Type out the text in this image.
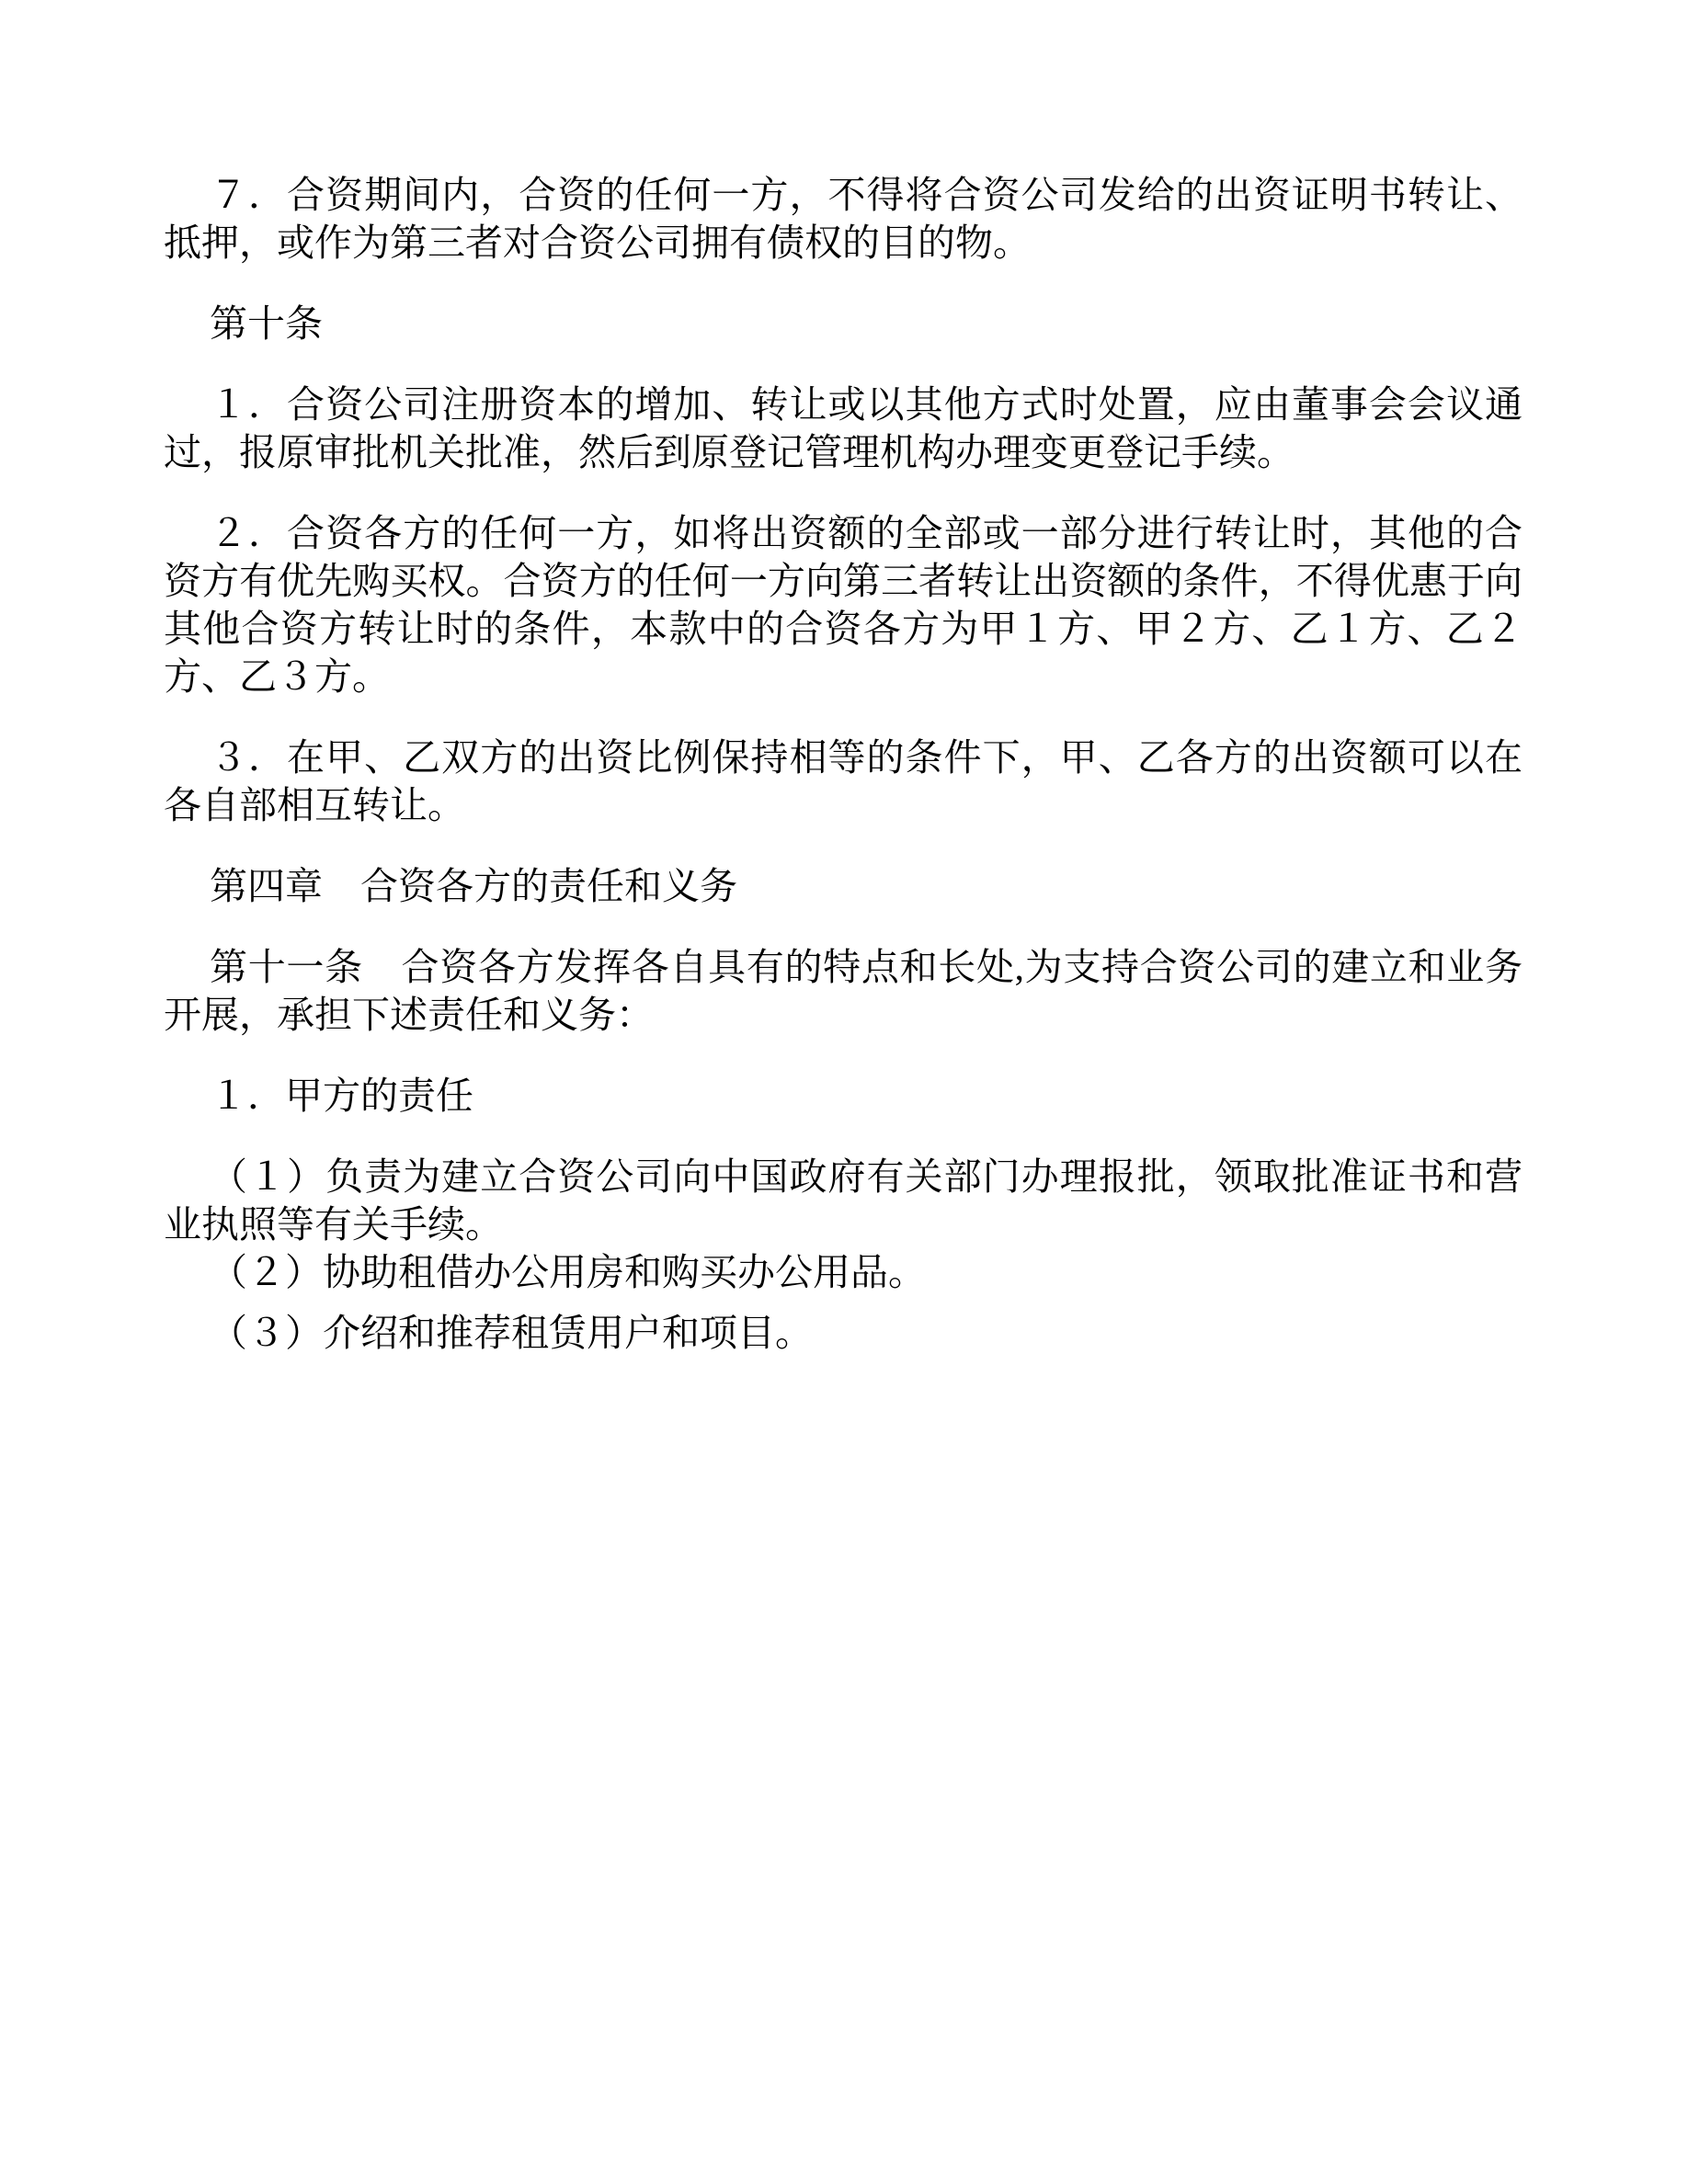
７．合资期间内，合资的任何一方，不得将合资公司发给的出资证明书转让、抵押，或作为第三者对合资公司拥有债权的目的物。

第十条

１．合资公司注册资本的增加、转让或以其他方式时处置，应由董事会会议通过，报原审批机关批准，然后到原登记管理机构办理变更登记手续。

２．合资各方的任何一方，如将出资额的全部或一部分进行转让时，其他的合资方有优先购买权。合资方的任何一方向第三者转让出资额的条件，不得优惠于向其他合资方转让时的条件，本款中的合资各方为甲１方、甲２方、乙１方、乙２方、乙３方。

３．在甲、乙双方的出资比例保持相等的条件下，甲、乙各方的出资额可以在各自部相互转让。

第四章　合资各方的责任和义务

第十一条　合资各方发挥各自具有的特点和长处,为支持合资公司的建立和业务开展，承担下述责任和义务：

１．甲方的责任

（１）负责为建立合资公司向中国政府有关部门办理报批，领取批准证书和营业执照等有关手续。

（２）协助租借办公用房和购买办公用品。

（３）介绍和推荐租赁用户和项目。
